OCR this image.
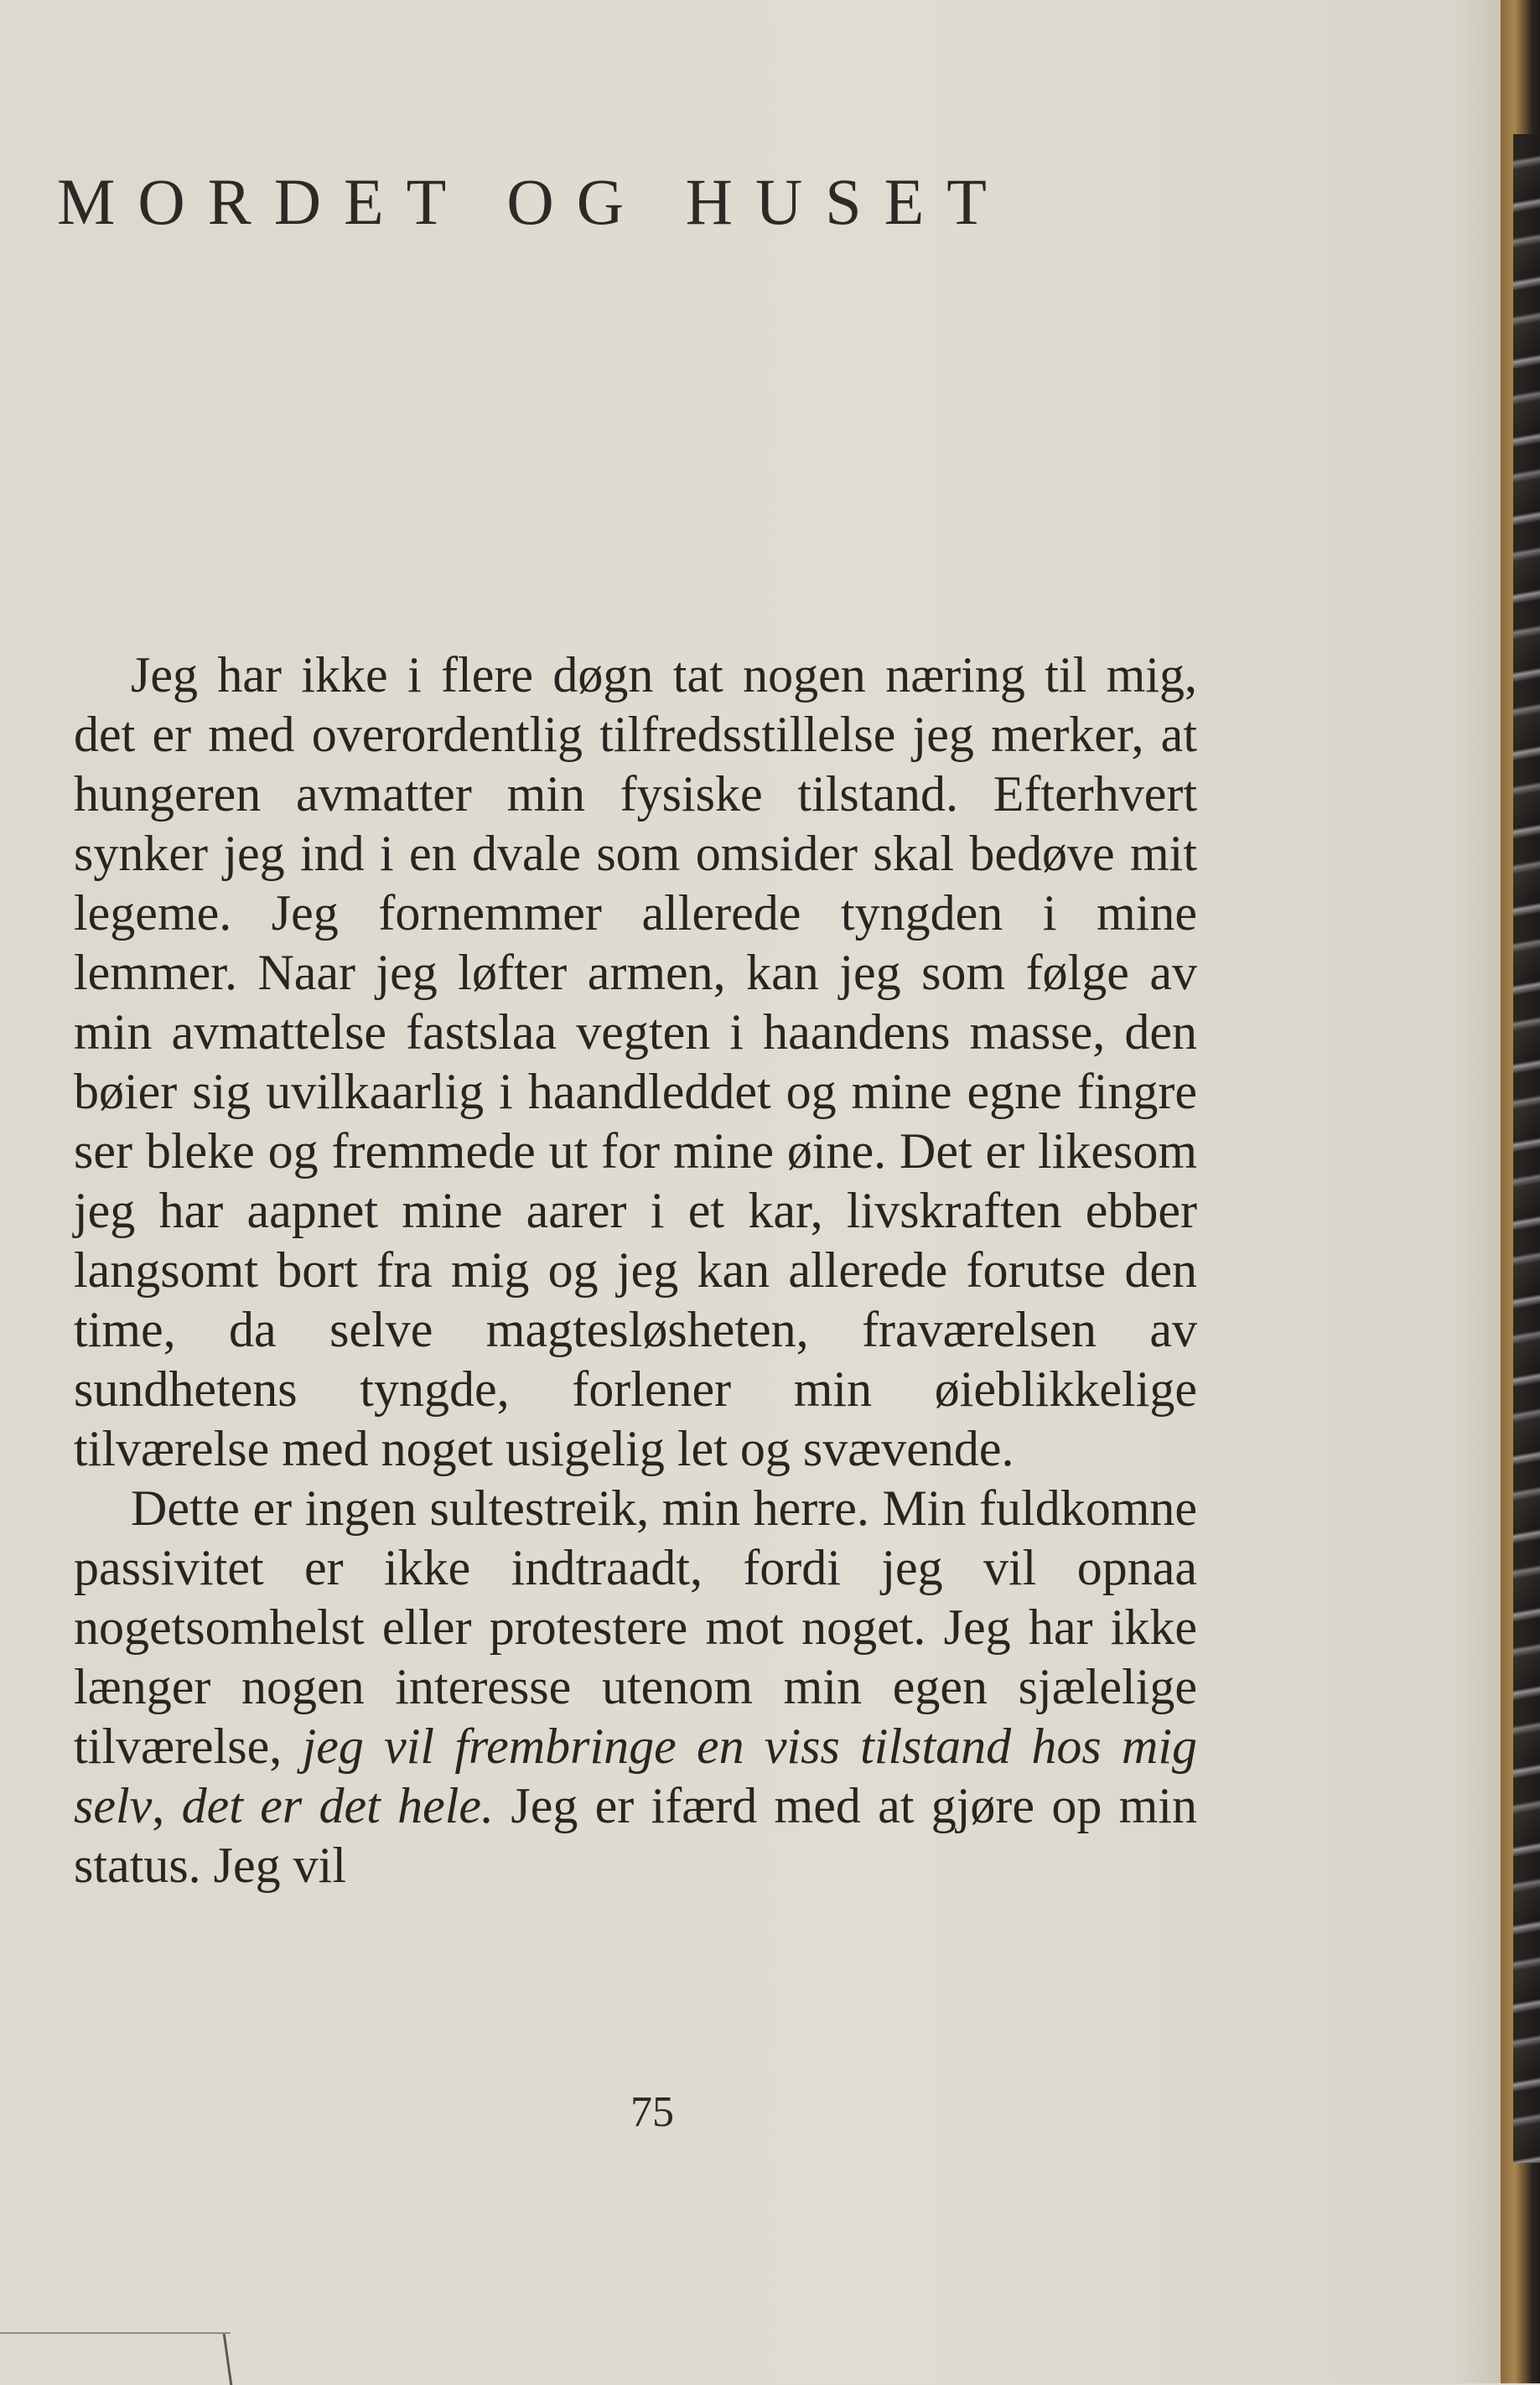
MORDET OG HUSET

Jeg har ikke i flere døgn tat nogen næring til mig, det er med overordentlig tilfredsstillelse jeg merker, at hungeren avmatter min fysiske tilstand. Efterhvert synker jeg ind i en dvale som omsider skal bedøve mit legeme. Jeg fornemmer allerede tyngden i mine lemmer. Naar jeg løfter armen, kan jeg som følge av min avmattelse fastslaa vegten i haandens masse, den bøier sig uvilkaarlig i haandleddet og mine egne fingre ser bleke og fremmede ut for mine øine. Det er likesom jeg har aapnet mine aarer i et kar, livskraften ebber langsomt bort fra mig og jeg kan allerede forutse den time, da selve magtesløsheten, fraværelsen av sundhetens tyngde, forlener min øieblikkelige tilværelse med noget usigelig let og svævende.

Dette er ingen sultestreik, min herre. Min fuldkomne passivitet er ikke indtraadt, fordi jeg vil opnaa nogetsomhelst eller protestere mot noget. Jeg har ikke længer nogen interesse utenom min egen sjælelige tilværelse, jeg vil frembringe en viss tilstand hos mig selv, det er det hele. Jeg er ifærd med at gjøre op min status. Jeg vil

75
